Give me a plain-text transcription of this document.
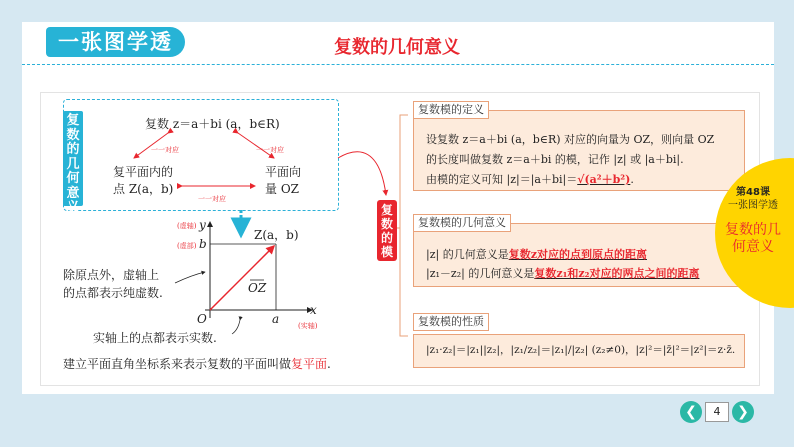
一张图学透	复数的几何意义
复数的几何意义
复数 z＝a＋bi (a，b∈R)
复平面内的
点 Z(a，b)
平面向
量 OZ
一一对应	一一对应
一一对应
y
x
O	a
b
Z(a，b)
OZ
(虚轴)
(虚部)
(实轴)
除原点外，虚轴上
的点都表示纯虚数.
实轴上的点都表示实数.
建立平面直角坐标系来表示复数的平面叫做复平面.
复数的模
复数模的定义
设复数 z＝a＋bi (a，b∈R) 对应的向量为 OZ，则向量 OZ
的长度叫做复数 z＝a＋bi 的模，记作 |z| 或 |a＋bi|.
由模的定义可知 |z|＝|a＋bi|＝√(a²＋b²).
复数模的几何意义
|z| 的几何意义是复数z对应的点到原点的距离
|z₁－z₂| 的几何意义是复数z₁和z₂对应的两点之间的距离
复数模的性质
|z₁·z₂|＝|z₁||z₂|，|z₁/z₂|＝|z₁|/|z₂| (z₂≠0)，|z|²＝|z̄|²＝|z²|＝z·z̄.
第48课
一张图学透
复数的几
何意义
❮	4	❯
